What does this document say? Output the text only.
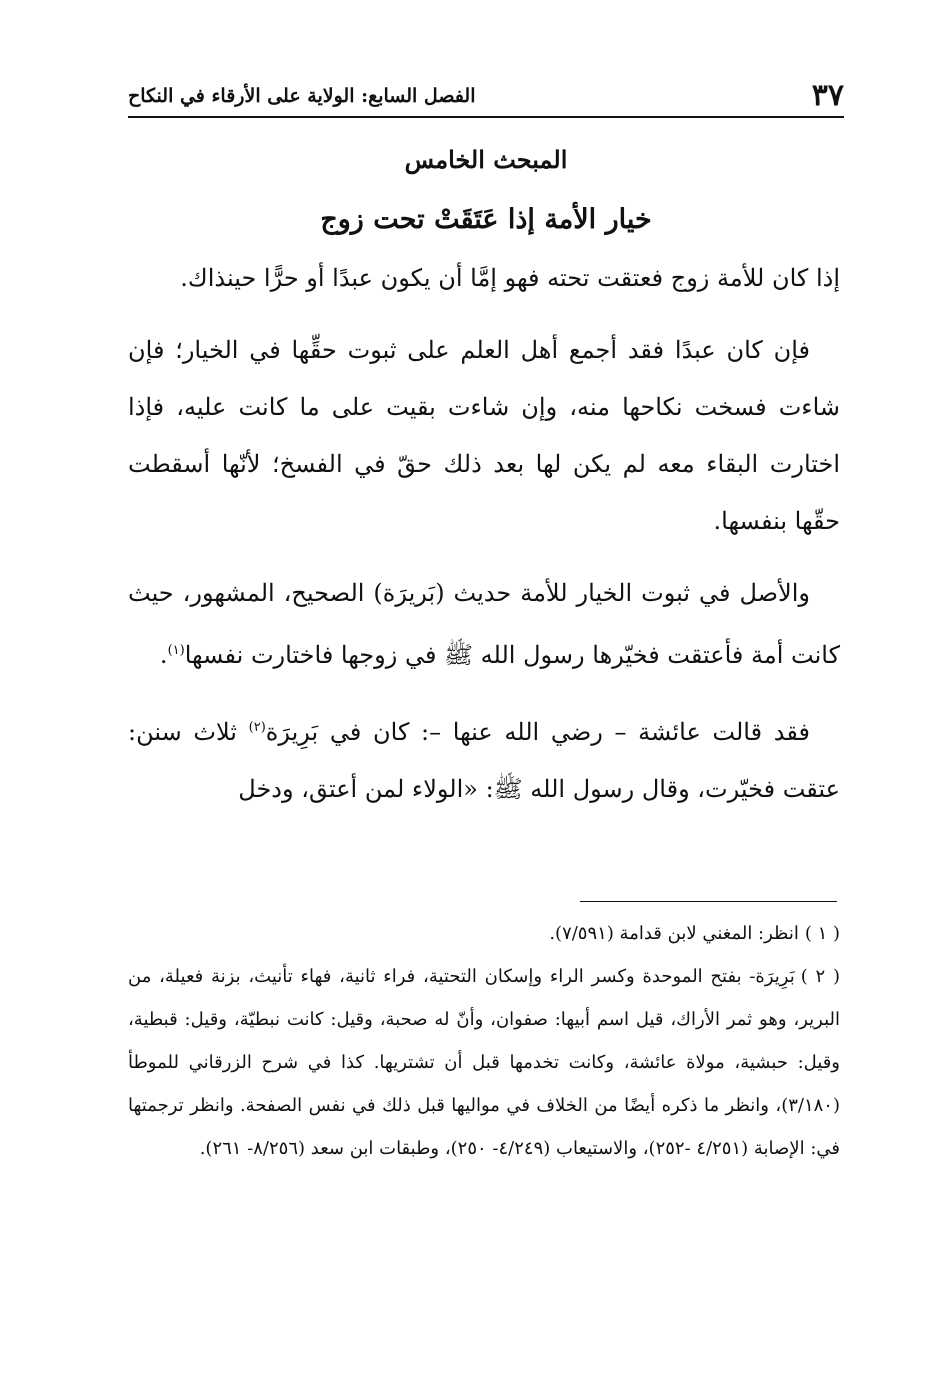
٣٧
الفصل السابع: الولاية على الأرقاء في النكاح
المبحث الخامس
خيار الأمة إذا عَتَقَتْ تحت زوج

إذا كان للأمة زوج فعتقت تحته فهو إمَّا أن يكون عبدًا أو حرًّا حينذاك.

فإن كان عبدًا فقد أجمع أهل العلم على ثبوت حقِّها في الخيار؛ فإن شاءت فسخت نكاحها منه، وإن شاءت بقيت على ما كانت عليه، فإذا اختارت البقاء معه لم يكن لها بعد ذلك حقّ في الفسخ؛ لأنّها أسقطت حقّها بنفسها.

والأصل في ثبوت الخيار للأمة حديث (بَريرَة) الصحيح، المشهور، حيث كانت أمة فأعتقت فخيّرها رسول الله ﷺ في زوجها فاختارت نفسها$^{(١)}$.

فقد قالت عائشة – رضي الله عنها –: كان في بَرِيرَة$^{(٢)}$ ثلاث سنن: عتقت فخيّرت، وقال رسول الله ﷺ: «الولاء لمن أعتق، ودخل

( ١ )انظر: المغني لابن قدامة (٧/٥٩١).

( ٢ )بَرِيرَة- بفتح الموحدة وكسر الراء وإسكان التحتية، فراء ثانية، فهاء تأنيث، بزنة فعيلة، من البرير، وهو ثمر الأراك، قيل اسم أبيها: صفوان، وأنّ له صحبة، وقيل: كانت نبطيّة، وقيل: قبطية، وقيل: حبشية، مولاة عائشة، وكانت تخدمها قبل أن تشتريها. كذا في شرح الزرقاني للموطأ (٣/١٨٠)، وانظر ما ذكره أيضًا من الخلاف في مواليها قبل ذلك في نفس الصفحة. وانظر ترجمتها في: الإصابة (٤/٢٥١ -٢٥٢)، والاستيعاب (٤/٢٤٩- ٢٥٠)، وطبقات ابن سعد (٨/٢٥٦- ٢٦١).
